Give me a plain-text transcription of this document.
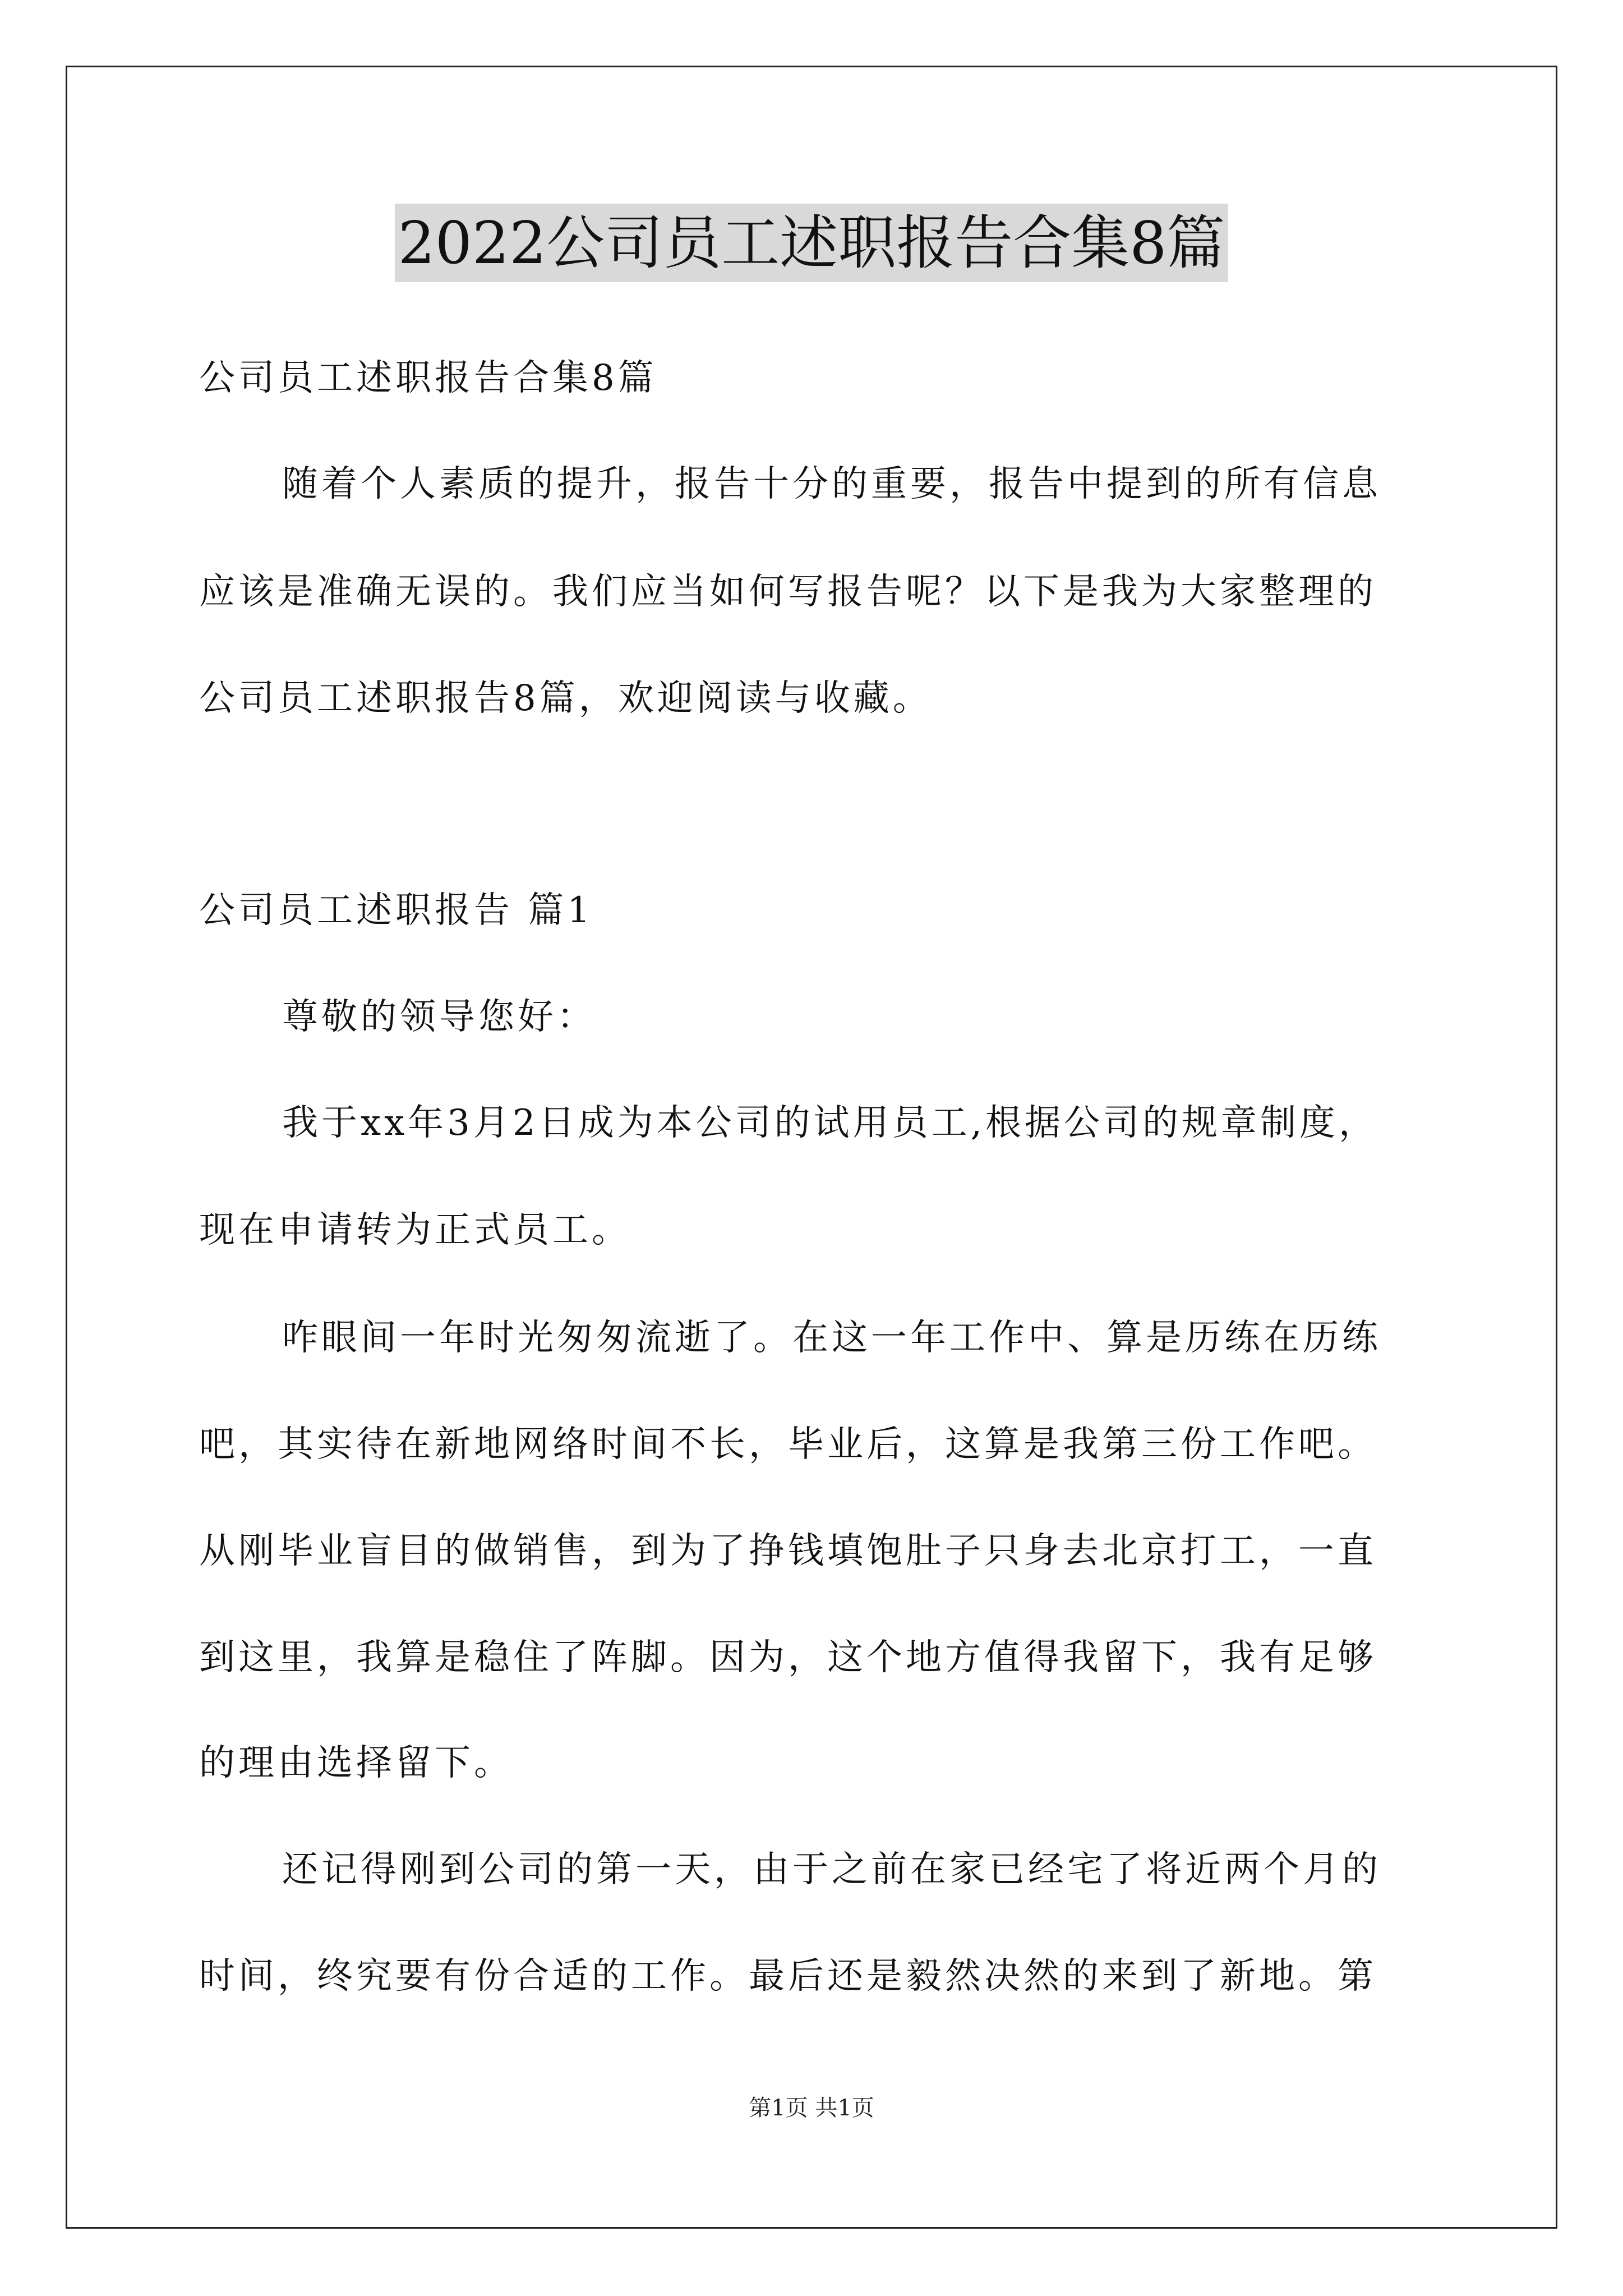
2022公司员工述职报告合集8篇
公司员工述职报告合集8篇
随着个人素质的提升，报告十分的重要，报告中提到的所有信息
应该是准确无误的。我们应当如何写报告呢？以下是我为大家整理的
公司员工述职报告8篇，欢迎阅读与收藏。
公司员工述职报告 篇1
尊敬的领导您好：
我于xx年3月2日成为本公司的试用员工,根据公司的规章制度，
现在申请转为正式员工。
咋眼间一年时光匆匆流逝了。在这一年工作中、算是历练在历练
吧，其实待在新地网络时间不长，毕业后，这算是我第三份工作吧。
从刚毕业盲目的做销售，到为了挣钱填饱肚子只身去北京打工，一直
到这里，我算是稳住了阵脚。因为，这个地方值得我留下，我有足够
的理由选择留下。
还记得刚到公司的第一天，由于之前在家已经宅了将近两个月的
时间，终究要有份合适的工作。最后还是毅然决然的来到了新地。第
第1页 共1页
